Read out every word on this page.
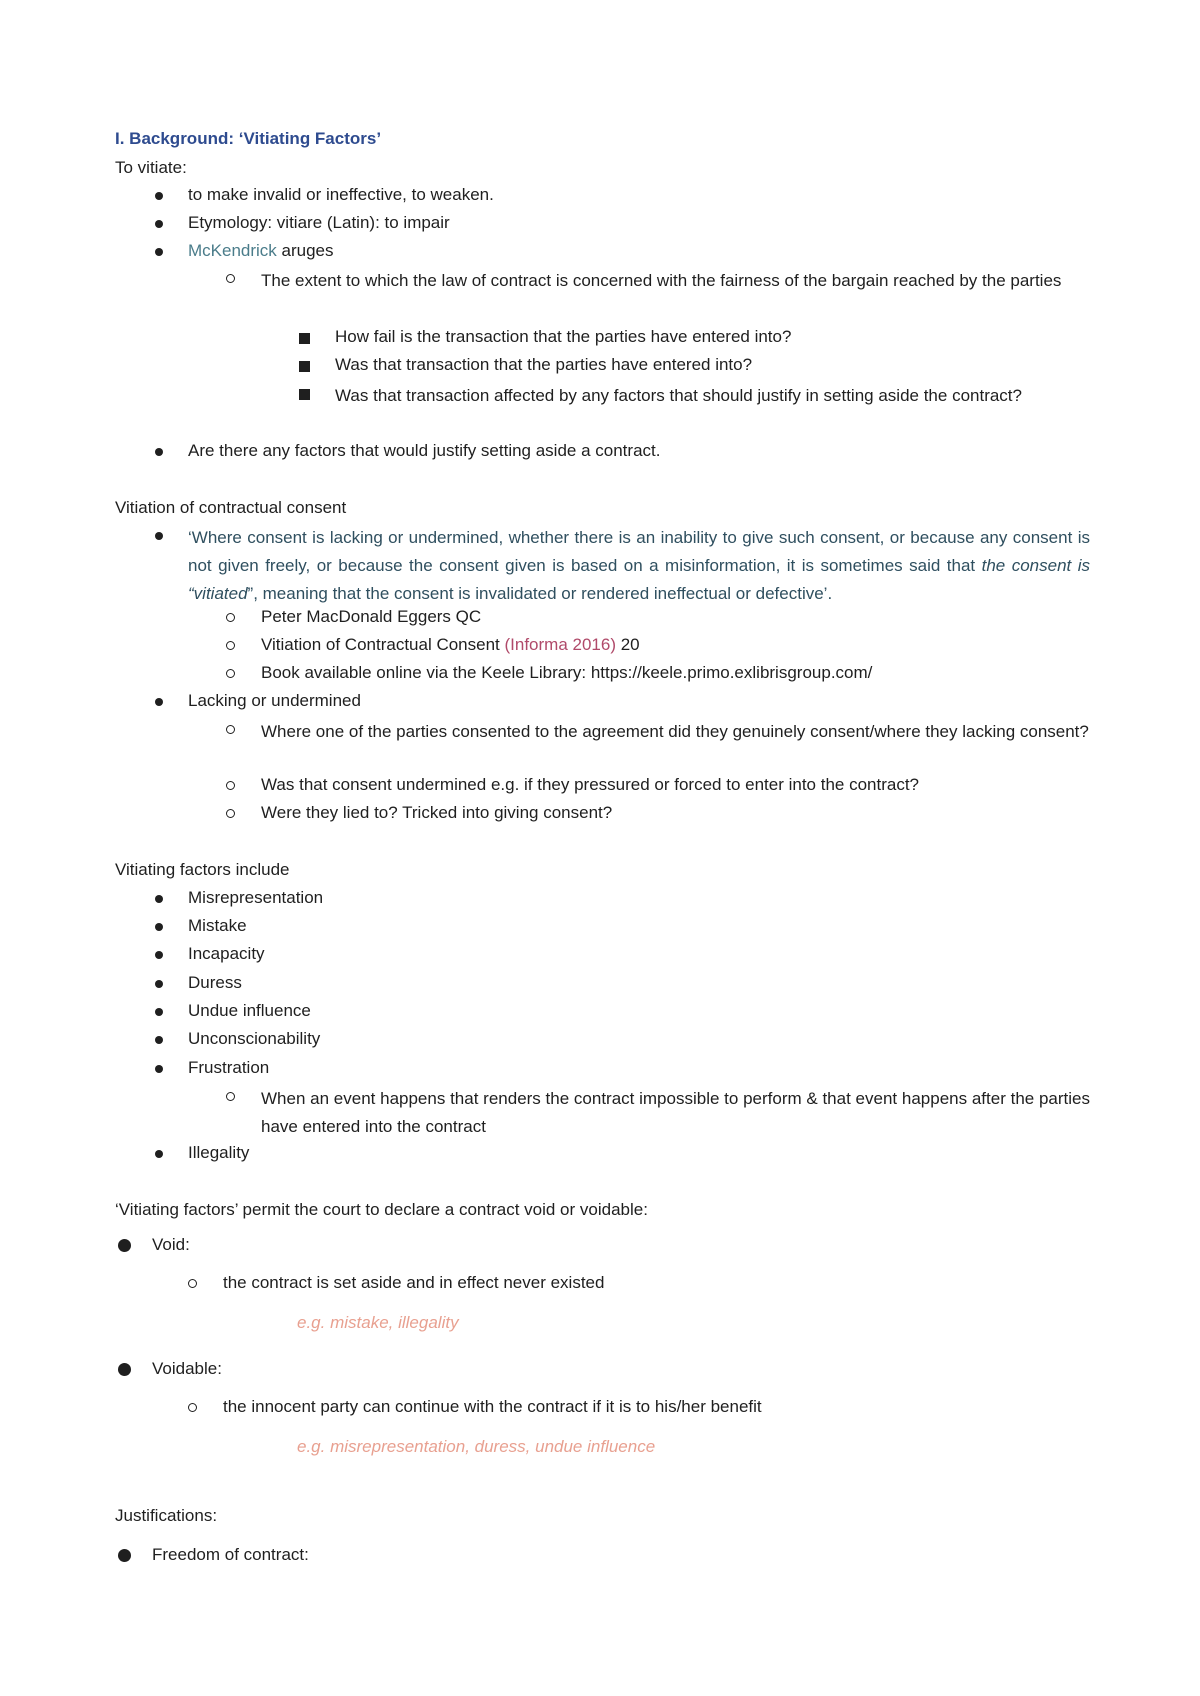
I. Background: ‘Vitiating Factors’
To vitiate:
to make invalid or ineffective, to weaken.
Etymology: vitiare (Latin): to impair
McKendrick aruges
The extent to which the law of contract is concerned with the fairness of the bargain reached by the parties
How fail is the transaction that the parties have entered into?
Was that transaction that the parties have entered into?
Was that transaction affected by any factors that should justify in setting aside the contract?
Are there any factors that would justify setting aside a contract.
Vitiation of contractual consent
‘Where consent is lacking or undermined, whether there is an inability to give such consent, or because any consent is not given freely, or because the consent given is based on a misinformation, it is sometimes said that the consent is “vitiated”, meaning that the consent is invalidated or rendered ineffectual or defective’.
Peter MacDonald Eggers QC
Vitiation of Contractual Consent (Informa 2016) 20
Book available online via the Keele Library: https://keele.primo.exlibrisgroup.com/
Lacking or undermined
Where one of the parties consented to the agreement did they genuinely consent/where they lacking consent?
Was that consent undermined e.g. if they pressured or forced to enter into the contract?
Were they lied to? Tricked into giving consent?
Vitiating factors include
Misrepresentation
Mistake
Incapacity
Duress
Undue influence
Unconscionability
Frustration
When an event happens that renders the contract impossible to perform & that event happens after the parties have entered into the contract
Illegality
‘Vitiating factors’ permit the court to declare a contract void or voidable:
Void:
the contract is set aside and in effect never existed
e.g. mistake, illegality
Voidable:
the innocent party can continue with the contract if it is to his/her benefit
e.g. misrepresentation, duress, undue influence
Justifications:
Freedom of contract:
